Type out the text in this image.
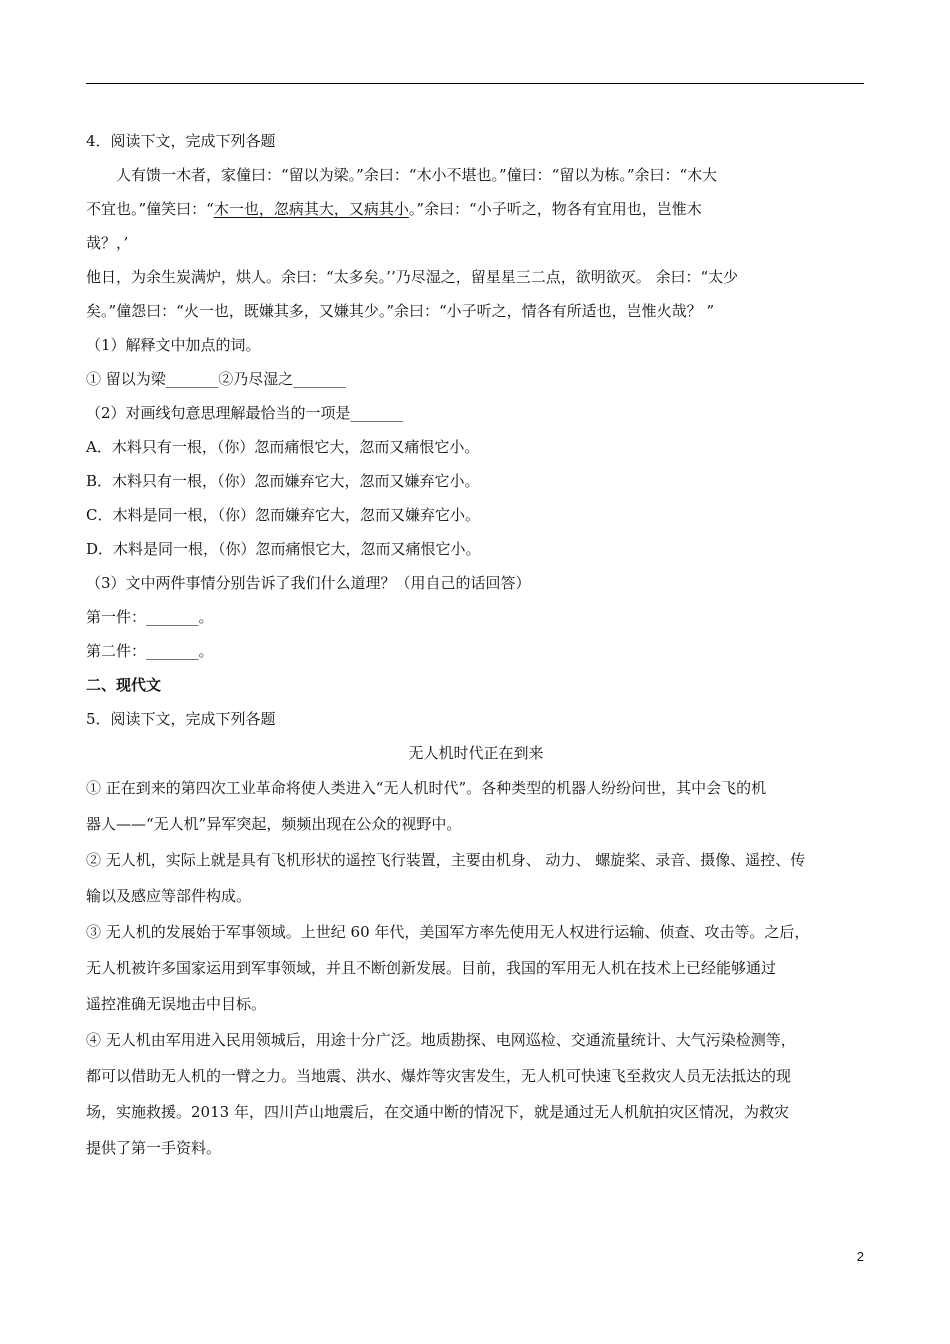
4．阅读下文，完成下列各题

人有馈一木者，家僮曰：“留以为梁。”余曰：“木小不堪也。”僮曰：“留以为栋。”余曰：“木大

不宜也。”僮笑曰：“木一也，忽病其大，又病其小。”余曰：“小子听之，物各有宜用也，岂惟木

哉？，’

他日，为余生炭满炉，烘人。余曰：“太多矣。’’乃尽湿之，留星星三二点，欲明欲灭。 余曰：“太少

矣。”僮怨曰：“火一也，既嫌其多，又嫌其少。”余曰：“小子听之，情各有所适也，岂惟火哉？ ”

（1）解释文中加点的词。

① 留以为梁_______②乃尽湿之_______

（2）对画线句意思理解最恰当的一项是_______

A．木料只有一根，（你）忽而痛恨它大，忽而又痛恨它小。

B．木料只有一根，（你）忽而嫌弃它大，忽而又嫌弃它小。

C．木料是同一根，（你）忽而嫌弃它大，忽而又嫌弃它小。

D．木料是同一根，（你）忽而痛恨它大，忽而又痛恨它小。

（3）文中两件事情分别告诉了我们什么道理？（用自己的话回答）

第一件：_______。

第二件：_______。

二、现代文

5．阅读下文，完成下列各题

无人机时代正在到来

① 正在到来的第四次工业革命将使人类进入“无人机时代”。各种类型的机器人纷纷问世，其中会飞的机

器人——“无人机”异军突起，频频出现在公众的视野中。

② 无人机，实际上就是具有飞机形状的遥控飞行装置，主要由机身、 动力、 螺旋桨、录音、摄像、遥控、传

输以及感应等部件构成。

③ 无人机的发展始于军事领域。上世纪 60 年代，美国军方率先使用无人权进行运输、侦查、攻击等。之后，

无人机被许多国家运用到军事领域，并且不断创新发展。目前，我国的军用无人机在技术上已经能够通过

遥控准确无误地击中目标。

④ 无人机由军用进入民用领城后，用途十分广泛。地质勘探、电网巡检、交通流量统计、大气污染检测等，

都可以借助无人机的一臂之力。当地震、洪水、爆炸等灾害发生，无人机可快速飞至救灾人员无法抵达的现

场，实施救援。2013 年，四川芦山地震后，在交通中断的情况下，就是通过无人机航拍灾区情况，为救灾

提供了第一手资料。

2
